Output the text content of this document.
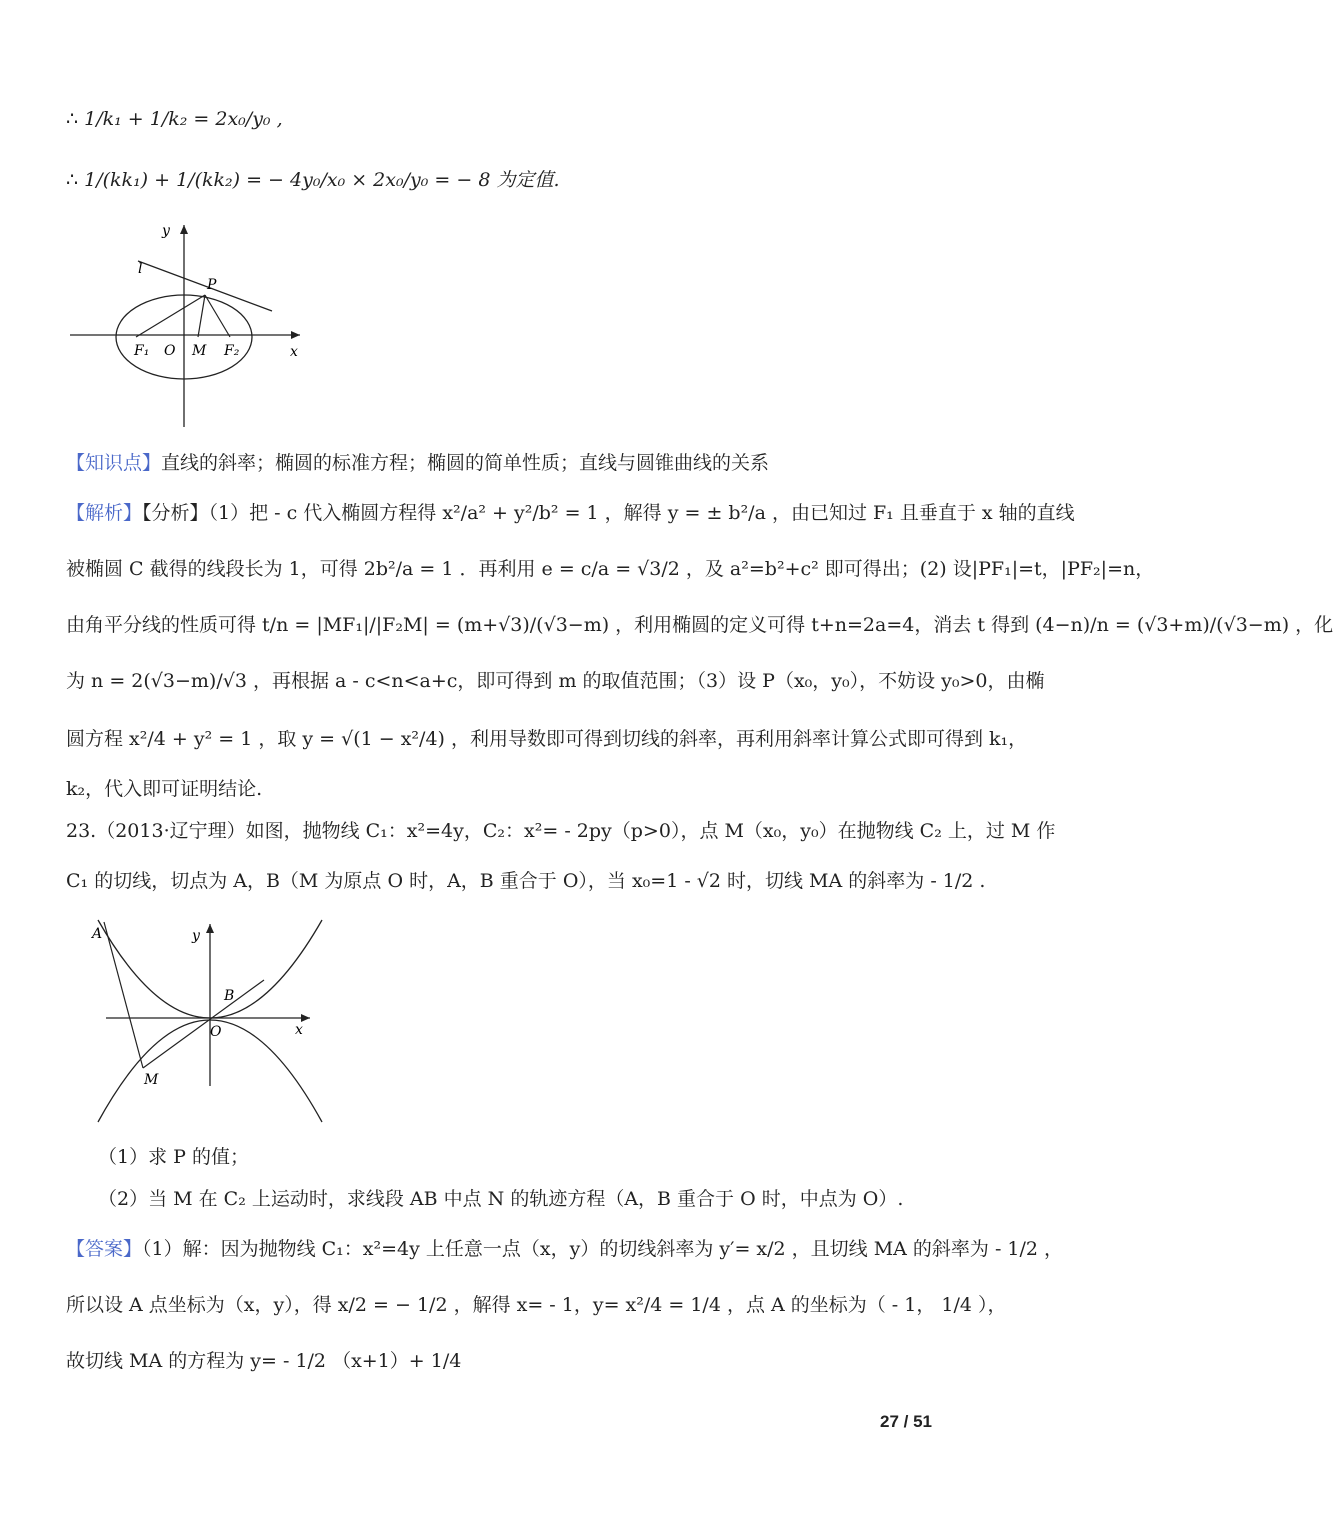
∴ 1/k₁ + 1/k₂ = 2x₀/y₀ ,
∴ 1/(kk₁) + 1/(kk₂) = − 4y₀/x₀ × 2x₀/y₀ = − 8 为定值.
y
x
l
P
F₁ O M F₂
【知识点】直线的斜率；椭圆的标准方程；椭圆的简单性质；直线与圆锥曲线的关系
【解析】【分析】（1）把 - c 代入椭圆方程得 x²/a² + y²/b² = 1 ，解得 y = ± b²/a ，由已知过 F₁ 且垂直于 x 轴的直线
被椭圆 C 截得的线段长为 1，可得 2b²/a = 1 ．再利用 e = c/a = √3/2 ，及 a²=b²+c² 即可得出；(2) 设|PF₁|=t，|PF₂|=n，
由角平分线的性质可得 t/n = |MF₁|/|F₂M| = (m+√3)/(√3−m) ，利用椭圆的定义可得 t+n=2a=4，消去 t 得到 (4−n)/n = (√3+m)/(√3−m) ，化
为 n = 2(√3−m)/√3 ，再根据 a - c<n<a+c，即可得到 m 的取值范围；（3）设 P（x₀，y₀），不妨设 y₀>0，由椭
圆方程 x²/4 + y² = 1 ，取 y = √(1 − x²/4) ，利用导数即可得到切线的斜率，再利用斜率计算公式即可得到 k₁，
k₂，代入即可证明结论.
23.（2013·辽宁理）如图，抛物线 C₁：x²=4y，C₂：x²= - 2py（p>0），点 M（x₀，y₀）在抛物线 C₂ 上，过 M 作
C₁ 的切线，切点为 A，B（M 为原点 O 时，A，B 重合于 O），当 x₀=1 - √2 时，切线 MA 的斜率为 - 1/2 .
A	y
B
O	x
M
（1）求 P 的值；
（2）当 M 在 C₂ 上运动时，求线段 AB 中点 N 的轨迹方程（A，B 重合于 O 时，中点为 O）.
【答案】（1）解：因为抛物线 C₁：x²=4y 上任意一点（x，y）的切线斜率为 y′= x/2 ，且切线 MA 的斜率为 - 1/2 ，
所以设 A 点坐标为（x，y），得 x/2 = − 1/2 ，解得 x= - 1，y= x²/4 = 1/4 ，点 A 的坐标为（ - 1， 1/4 ），
故切线 MA 的方程为 y= - 1/2 （x+1）+ 1/4
27 / 51
